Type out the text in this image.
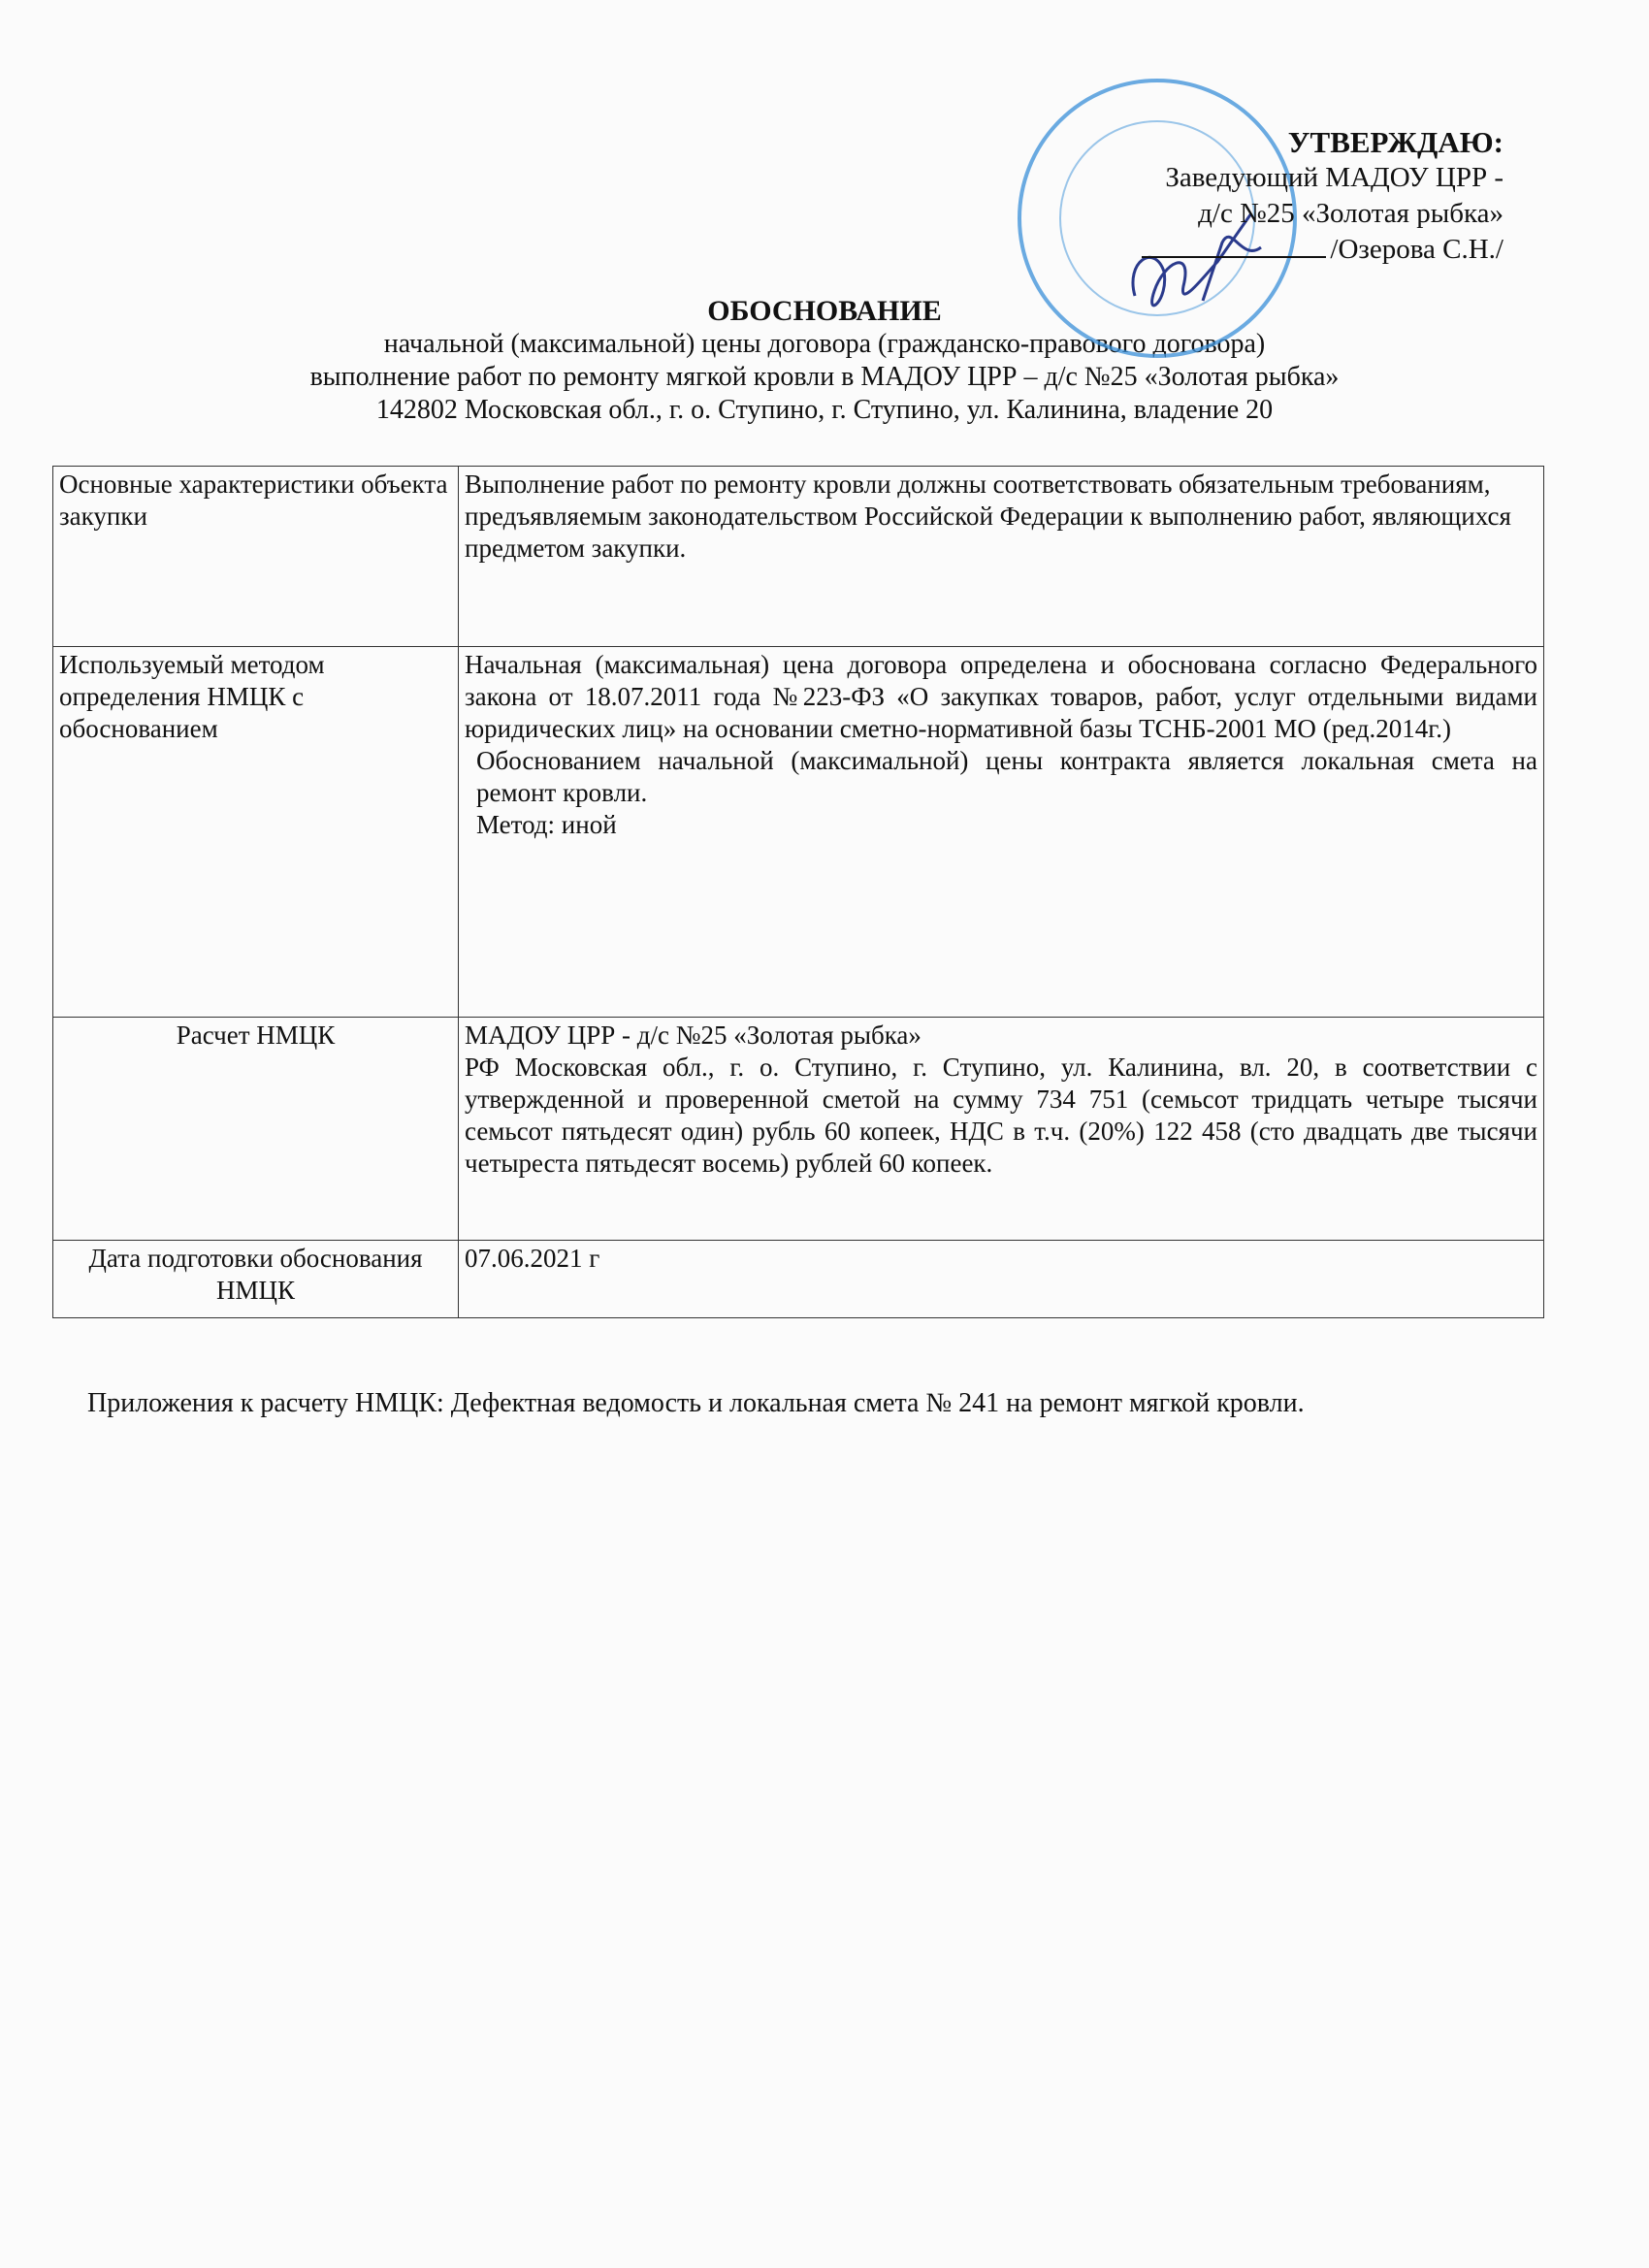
УТВЕРЖДАЮ:
Заведующий МАДОУ ЦРР -
д/с №25 «Золотая рыбка»
/Озерова С.Н./
ОБОСНОВАНИЕ
начальной (максимальной) цены договора (гражданско-правового договора)
выполнение работ по ремонту мягкой кровли в МАДОУ ЦРР – д/с №25 «Золотая рыбка»
142802 Московская обл., г. о. Ступино, г. Ступино, ул. Калинина, владение 20
Основные характеристики объекта закупки	Выполнение работ по ремонту кровли должны соответствовать обязательным требованиям, предъявляемым законодательством Российской Федерации к выполнению работ, являющихся предметом закупки.

Используемый методом определения НМЦК с обоснованием	Начальная (максимальная) цена договора определена и обоснована согласно Федерального закона от 18.07.2011 года №223-ФЗ «О закупках товаров, работ, услуг отдельными видами юридических лиц» на основании сметно-нормативной базы ТСНБ-2001 МО (ред.2014г.)
Обоснованием начальной (максимальной) цены контракта является локальная смета на ремонт кровли.
Метод: иной

Расчет НМЦК	МАДОУ ЦРР - д/с №25 «Золотая рыбка»
РФ Московская обл., г. о. Ступино, г. Ступино, ул. Калинина, вл. 20, в соответствии с утвержденной и проверенной сметой на сумму 734 751 (семьсот тридцать четыре тысячи семьсот пятьдесят один) рубль 60 копеек, НДС в т.ч. (20%) 122 458 (сто двадцать две тысячи четыреста пятьдесят восемь) рублей 60 копеек.

Дата подготовки обоснования НМЦК	07.06.2021 г
Приложения к расчету НМЦК: Дефектная ведомость и локальная смета № 241 на ремонт мягкой кровли.
